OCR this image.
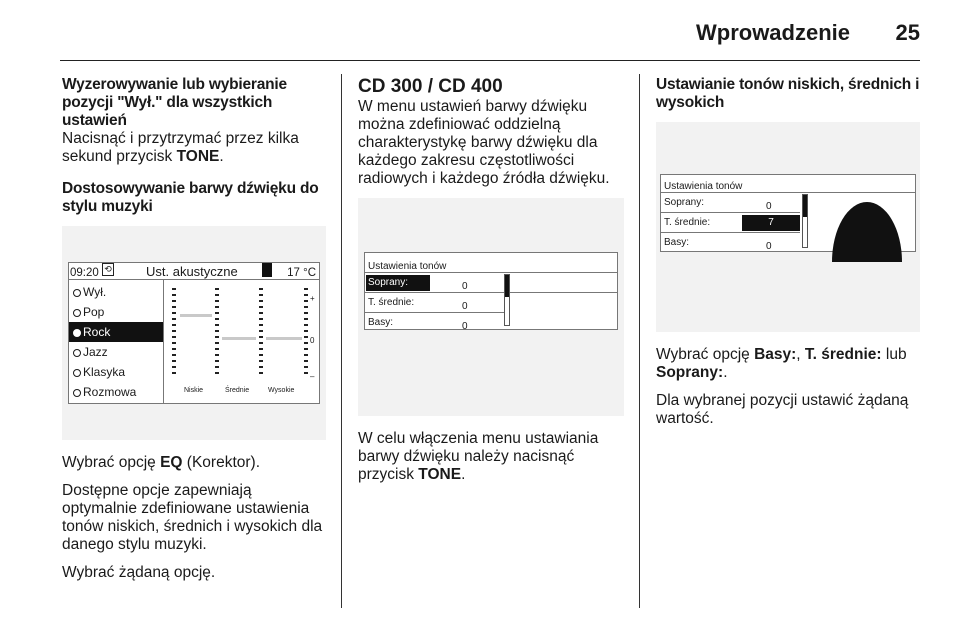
Wprowadzenie 25
Wyzerowywanie lub wybieranie pozycji "Wył." dla wszystkich ustawień

Nacisnąć i przytrzymać przez kilka sekund przycisk TONE.

Dostosowywanie barwy dźwięku do stylu muzyki
09:20 ⟲	Ust. akustyczne	17 °C
Wył.
Pop
Rock
Jazz
Klasyka
Rozmowa	Niskie	Średnie	Wysokie
+
0
–

Wybrać opcję EQ (Korektor).

Dostępne opcje zapewniają optymalnie zdefiniowane ustawienia tonów niskich, średnich i wysokich dla danego stylu muzyki.

Wybrać żądaną opcję.

CD 300 / CD 400

W menu ustawień barwy dźwięku można zdefiniować oddzielną charakterystykę barwy dźwięku dla każdego zakresu częstotliwości radiowych i każdego źródła dźwięku.

Ustawienia tonów
Soprany:	0
T. średnie:	0
Basy:	0

W celu włączenia menu ustawiania barwy dźwięku należy nacisnąć przycisk TONE.

Ustawianie tonów niskich, średnich i wysokich
Ustawienia tonów
Soprany:	0
T. średnie:	7
Basy:	0

Wybrać opcję Basy:, T. średnie: lub Soprany:.

Dla wybranej pozycji ustawić żądaną wartość.
